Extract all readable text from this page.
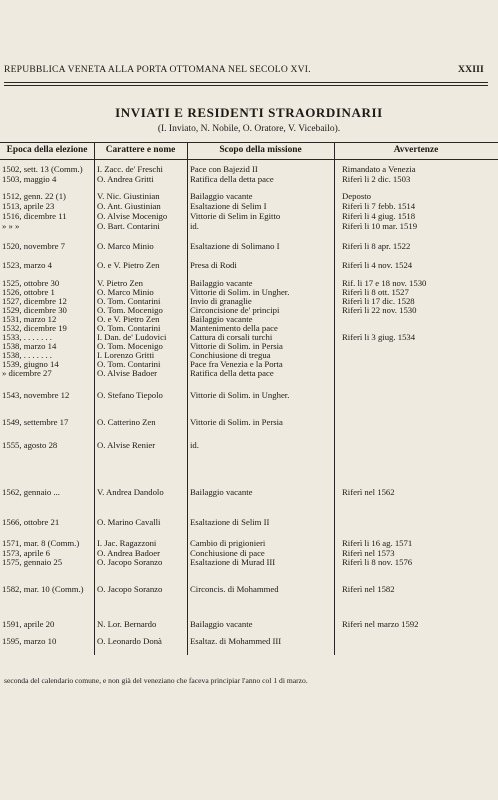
REPUBBLICA VENETA ALLA PORTA OTTOMANA NEL SECOLO XVI.	XXIII
INVIATI E RESIDENTI STRAORDINARII
(I. Inviato, N. Nobile, O. Oratore, V. Vicebailo).
Epoca della elezione	Carattere e nome	Scopo della missione	Avvertenze
1502, sett. 13 (Comm.)	I. Zacc. de' Freschi	Pace con Bajezid II	Rimandato a Venezia
1503, maggio 4	O. Andrea Gritti	Ratifica della detta pace	Riferì li 2 dic. 1503
1512, genn. 22 (1)	V. Nic. Giustinian	Bailaggio vacante	Deposto
1513, aprile 23	O. Ant. Giustinian	Esaltazione di Selim I	Riferì li 7 febb. 1514
1516, dicembre 11	O. Alvise Mocenigo	Vittorie di Selim in Egitto	Riferì li 4 giug. 1518
» » »	O. Bart. Contarini	id.	Riferì li 10 mar. 1519
1520, novembre 7	O. Marco Minio	Esaltazione di Solimano I	Riferì li 8 apr. 1522
1523, marzo 4	O. e V. Pietro Zen	Presa di Rodi	Riferì li 4 nov. 1524
1525, ottobre 30	V. Pietro Zen	Bailaggio vacante	Rif. li 17 e 18 nov. 1530
1526, ottobre 1	O. Marco Minio	Vittorie di Solim. in Ungher.	Riferì li 8 ott. 1527
1527, dicembre 12	O. Tom. Contarini	Invio di granaglie	Riferì li 17 dic. 1528
1529, dicembre 30	O. Tom. Mocenigo	Circoncisione de' principi	Riferì li 22 nov. 1530
1531, marzo 12	O. e V. Pietro Zen	Bailaggio vacante
1532, dicembre 19	O. Tom. Contarini	Mantenimento della pace
1533, . . . . . . .	I. Dan. de' Ludovici	Cattura di corsali turchi	Riferì li 3 giug. 1534
1538, marzo 14	O. Tom. Mocenigo	Vittorie di Solim. in Persia
1538, . . . . . . .	I. Lorenzo Gritti	Conchiusione di tregua
1539, giugno 14	O. Tom. Contarini	Pace fra Venezia e la Porta
» dicembre 27	O. Alvise Badoer	Ratifica della detta pace
1543, novembre 12	O. Stefano Tiepolo	Vittorie di Solim. in Ungher.
1549, settembre 17	O. Catterino Zen	Vittorie di Solim. in Persia
1555, agosto 28	O. Alvise Renier	id.
1562, gennaio ...	V. Andrea Dandolo	Bailaggio vacante	Riferì nel 1562
1566, ottobre 21	O. Marino Cavalli	Esaltazione di Selim II
1571, mar. 8 (Comm.)	I. Jac. Ragazzoni	Cambio di prigionieri	Riferì li 16 ag. 1571
1573, aprile 6	O. Andrea Badoer	Conchiusione di pace	Riferì nel 1573
1575, gennaio 25	O. Jacopo Soranzo	Esaltazione di Murad III	Riferì li 8 nov. 1576
1582, mar. 10 (Comm.)	O. Jacopo Soranzo	Circoncis. di Mohammed	Riferì nel 1582
1591, aprile 20	N. Lor. Bernardo	Bailaggio vacante	Riferì nel marzo 1592
1595, marzo 10	O. Leonardo Donà	Esaltaz. di Mohammed III
seconda del calendario comune, e non già del veneziano che faceva principiar l'anno col 1 di marzo.
